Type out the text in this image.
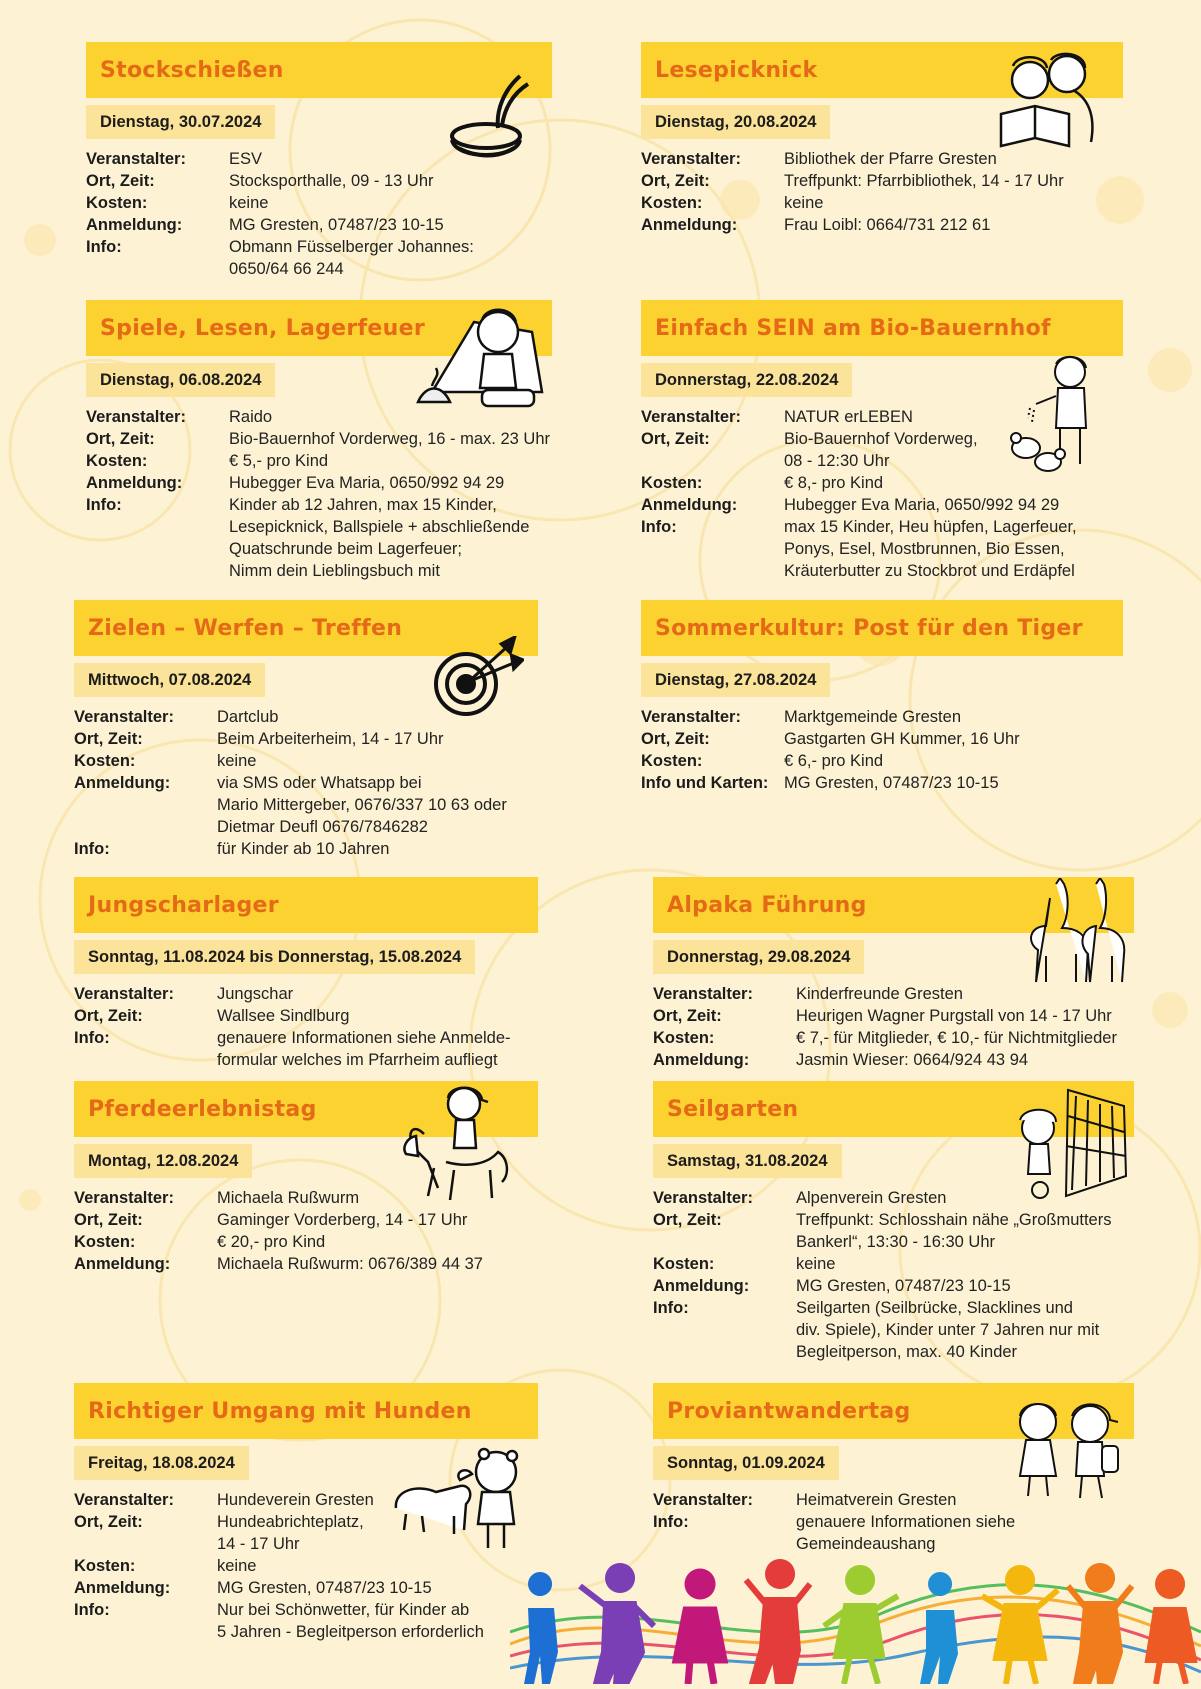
Stockschießen
Dienstag, 30.07.2024
Veranstalter:	ESV
Ort, Zeit:	Stocksporthalle, 09 - 13 Uhr
Kosten:	keine
Anmeldung:	MG Gresten, 07487/23 10-15
Info:	Obmann Füsselberger Johannes:
0650/64 66 244
Lesepicknick
Dienstag, 20.08.2024
Veranstalter:	Bibliothek der Pfarre Gresten
Ort, Zeit:	Treffpunkt: Pfarrbibliothek, 14 - 17 Uhr
Kosten:	keine
Anmeldung:	Frau Loibl: 0664/731 212 61
Spiele, Lesen, Lagerfeuer
Dienstag, 06.08.2024
Veranstalter:	Raido
Ort, Zeit:	Bio-Bauernhof Vorderweg, 16 - max. 23 Uhr
Kosten:	€ 5,- pro Kind
Anmeldung:	Hubegger Eva Maria, 0650/992 94 29
Info:	Kinder ab 12 Jahren, max 15 Kinder,
Lesepicknick, Ballspiele + abschließende
Quatschrunde beim Lagerfeuer;
Nimm dein Lieblingsbuch mit
Einfach SEIN am Bio-Bauernhof
Donnerstag, 22.08.2024
Veranstalter:	NATUR erLEBEN
Ort, Zeit:	Bio-Bauernhof Vorderweg,
08 - 12:30 Uhr
Kosten:	€ 8,- pro Kind
Anmeldung:	Hubegger Eva Maria, 0650/992 94 29
Info:	max 15 Kinder, Heu hüpfen, Lagerfeuer,
Ponys, Esel, Mostbrunnen, Bio Essen,
Kräuterbutter zu Stockbrot und Erdäpfel
Zielen – Werfen – Treffen
Mittwoch, 07.08.2024
Veranstalter:	Dartclub
Ort, Zeit:	Beim Arbeiterheim, 14 - 17 Uhr
Kosten:	keine
Anmeldung:	via SMS oder Whatsapp bei
Mario Mittergeber, 0676/337 10 63 oder
Dietmar Deufl 0676/7846282
Info:	für Kinder ab 10 Jahren
Sommerkultur: Post für den Tiger
Dienstag, 27.08.2024
Veranstalter:	Marktgemeinde Gresten
Ort, Zeit:	Gastgarten GH Kummer, 16 Uhr
Kosten:	€ 6,- pro Kind
Info und Karten: MG Gresten, 07487/23 10-15
Jungscharlager
Sonntag, 11.08.2024 bis Donnerstag, 15.08.2024
Veranstalter:	Jungschar
Ort, Zeit:	Wallsee Sindlburg
Info:	genauere Informationen siehe Anmelde-
formular welches im Pfarrheim aufliegt
Alpaka Führung
Donnerstag, 29.08.2024
Veranstalter:	Kinderfreunde Gresten
Ort, Zeit:	Heurigen Wagner Purgstall von 14 - 17 Uhr
Kosten:	€ 7,- für Mitglieder, € 10,- für Nichtmitglieder
Anmeldung:	Jasmin Wieser: 0664/924 43 94
Pferdeerlebnistag
Montag, 12.08.2024
Veranstalter:	Michaela Rußwurm
Ort, Zeit:	Gaminger Vorderberg, 14 - 17 Uhr
Kosten:	€ 20,- pro Kind
Anmeldung:	Michaela Rußwurm: 0676/389 44 37
Seilgarten
Samstag, 31.08.2024
Veranstalter:	Alpenverein Gresten
Ort, Zeit:	Treffpunkt: Schlosshain nähe „Großmutters
Bankerl“, 13:30 - 16:30 Uhr
Kosten:	keine
Anmeldung:	MG Gresten, 07487/23 10-15
Info:	Seilgarten (Seilbrücke, Slacklines und
div. Spiele), Kinder unter 7 Jahren nur mit
Begleitperson, max. 40 Kinder
Richtiger Umgang mit Hunden
Freitag, 18.08.2024
Veranstalter:	Hundeverein Gresten
Ort, Zeit:	Hundeabrichteplatz,
14 - 17 Uhr
Kosten:	keine
Anmeldung:	MG Gresten, 07487/23 10-15
Info:	Nur bei Schönwetter, für Kinder ab
5 Jahren - Begleitperson erforderlich
Proviantwandertag
Sonntag, 01.09.2024
Veranstalter:	Heimatverein Gresten
Info:	genauere Informationen siehe
Gemeindeaushang
